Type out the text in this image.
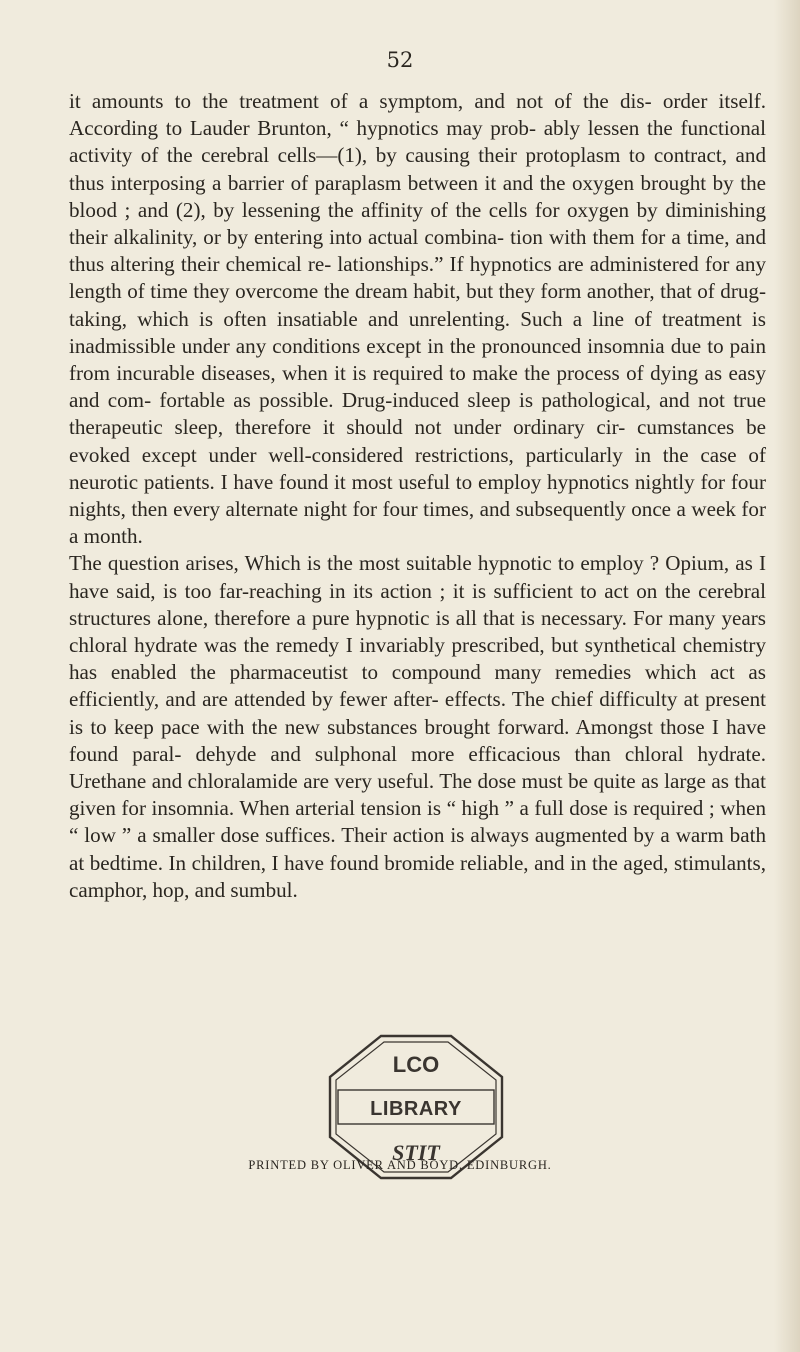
52

it amounts to the treatment of a symptom, and not of the dis- order itself. According to Lauder Brunton, “ hypnotics may prob- ably lessen the functional activity of the cerebral cells—(1), by causing their protoplasm to contract, and thus interposing a barrier of paraplasm between it and the oxygen brought by the blood ; and (2), by lessening the affinity of the cells for oxygen by diminishing their alkalinity, or by entering into actual combina- tion with them for a time, and thus altering their chemical re- lationships.” If hypnotics are administered for any length of time they overcome the dream habit, but they form another, that of drug-taking, which is often insatiable and unrelenting. Such a line of treatment is inadmissible under any conditions except in the pronounced insomnia due to pain from incurable diseases, when it is required to make the process of dying as easy and com- fortable as possible. Drug-induced sleep is pathological, and not true therapeutic sleep, therefore it should not under ordinary cir- cumstances be evoked except under well-considered restrictions, particularly in the case of neurotic patients. I have found it most useful to employ hypnotics nightly for four nights, then every alternate night for four times, and subsequently once a week for a month.

The question arises, Which is the most suitable hypnotic to employ ? Opium, as I have said, is too far-reaching in its action ; it is sufficient to act on the cerebral structures alone, therefore a pure hypnotic is all that is necessary. For many years chloral hydrate was the remedy I invariably prescribed, but synthetical chemistry has enabled the pharmaceutist to compound many remedies which act as efficiently, and are attended by fewer after- effects. The chief difficulty at present is to keep pace with the new substances brought forward. Amongst those I have found paral- dehyde and sulphonal more efficacious than chloral hydrate. Urethane and chloralamide are very useful. The dose must be quite as large as that given for insomnia. When arterial tension is “ high ” a full dose is required ; when “ low ” a smaller dose suffices. Their action is always augmented by a warm bath at bedtime. In children, I have found bromide reliable, and in the aged, stimulants, camphor, hop, and sumbul.

LCO
LIBRARY
STIT
PRINTED BY OLIVER AND BOYD, EDINBURGH.
